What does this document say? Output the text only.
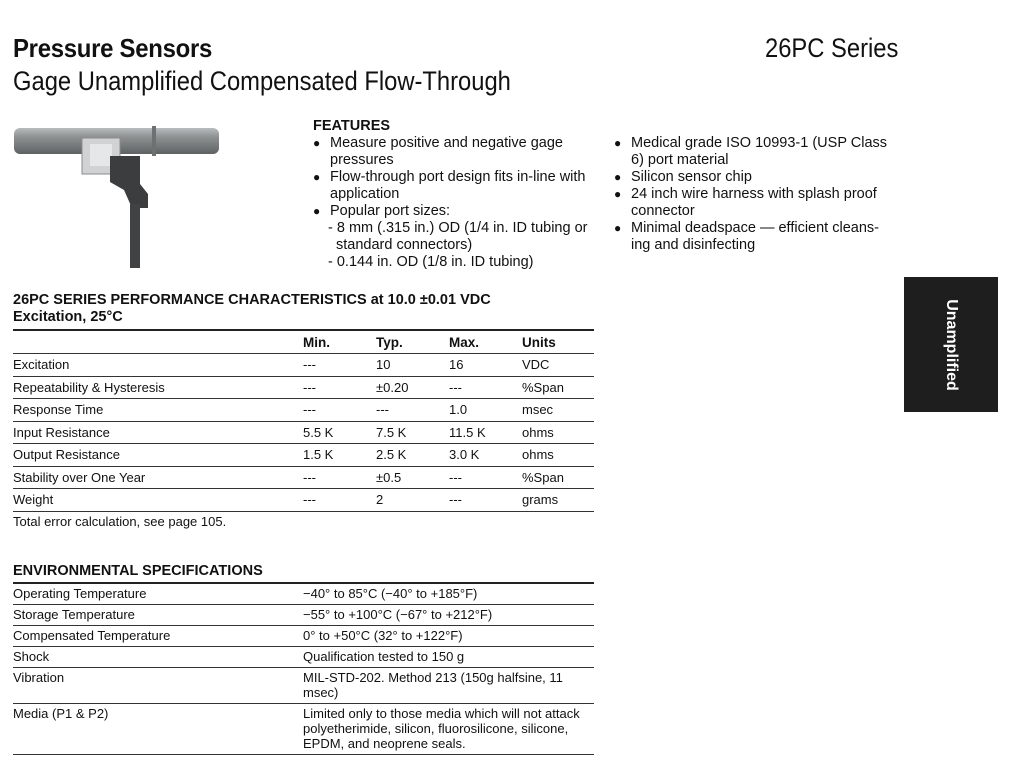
Pressure Sensors
Gage Unamplified Compensated Flow-Through
26PC Series
FEATURES
● Measure positive and negative gage pressures
● Flow-through port design fits in-line with application
● Popular port sizes:
- 8 mm (.315 in.) OD (1/4 in. ID tubing or standard connectors)
- 0.144 in. OD (1/8 in. ID tubing)
● Medical grade ISO 10993-1 (USP Class 6) port material
● Silicon sensor chip
● 24 inch wire harness with splash proof connector
● Minimal deadspace — efficient cleans-ing and disinfecting
Unamplified
26PC SERIES PERFORMANCE CHARACTERISTICS at 10.0 ±0.01 VDC
Excitation, 25°C
	Min.	Typ.	Max.	Units
Excitation	---	10	16	VDC
Repeatability & Hysteresis	---	±0.20	---	%Span
Response Time	---	---	1.0	msec
Input Resistance	5.5 K	7.5 K	11.5 K	ohms
Output Resistance	1.5 K	2.5 K	3.0 K	ohms
Stability over One Year	---	±0.5	---	%Span
Weight	---	2	---	grams
Total error calculation, see page 105.
ENVIRONMENTAL SPECIFICATIONS
Operating Temperature	−40° to 85°C (−40° to +185°F)
Storage Temperature	−55° to +100°C (−67° to +212°F)
Compensated Temperature	0° to +50°C (32° to +122°F)
Shock	Qualification tested to 150 g
Vibration	MIL-STD-202. Method 213 (150g halfsine, 11 msec)
Media (P1 & P2)	Limited only to those media which will not attack polyetherimide, silicon, fluorosilicone, silicone, EPDM, and neoprene seals.
